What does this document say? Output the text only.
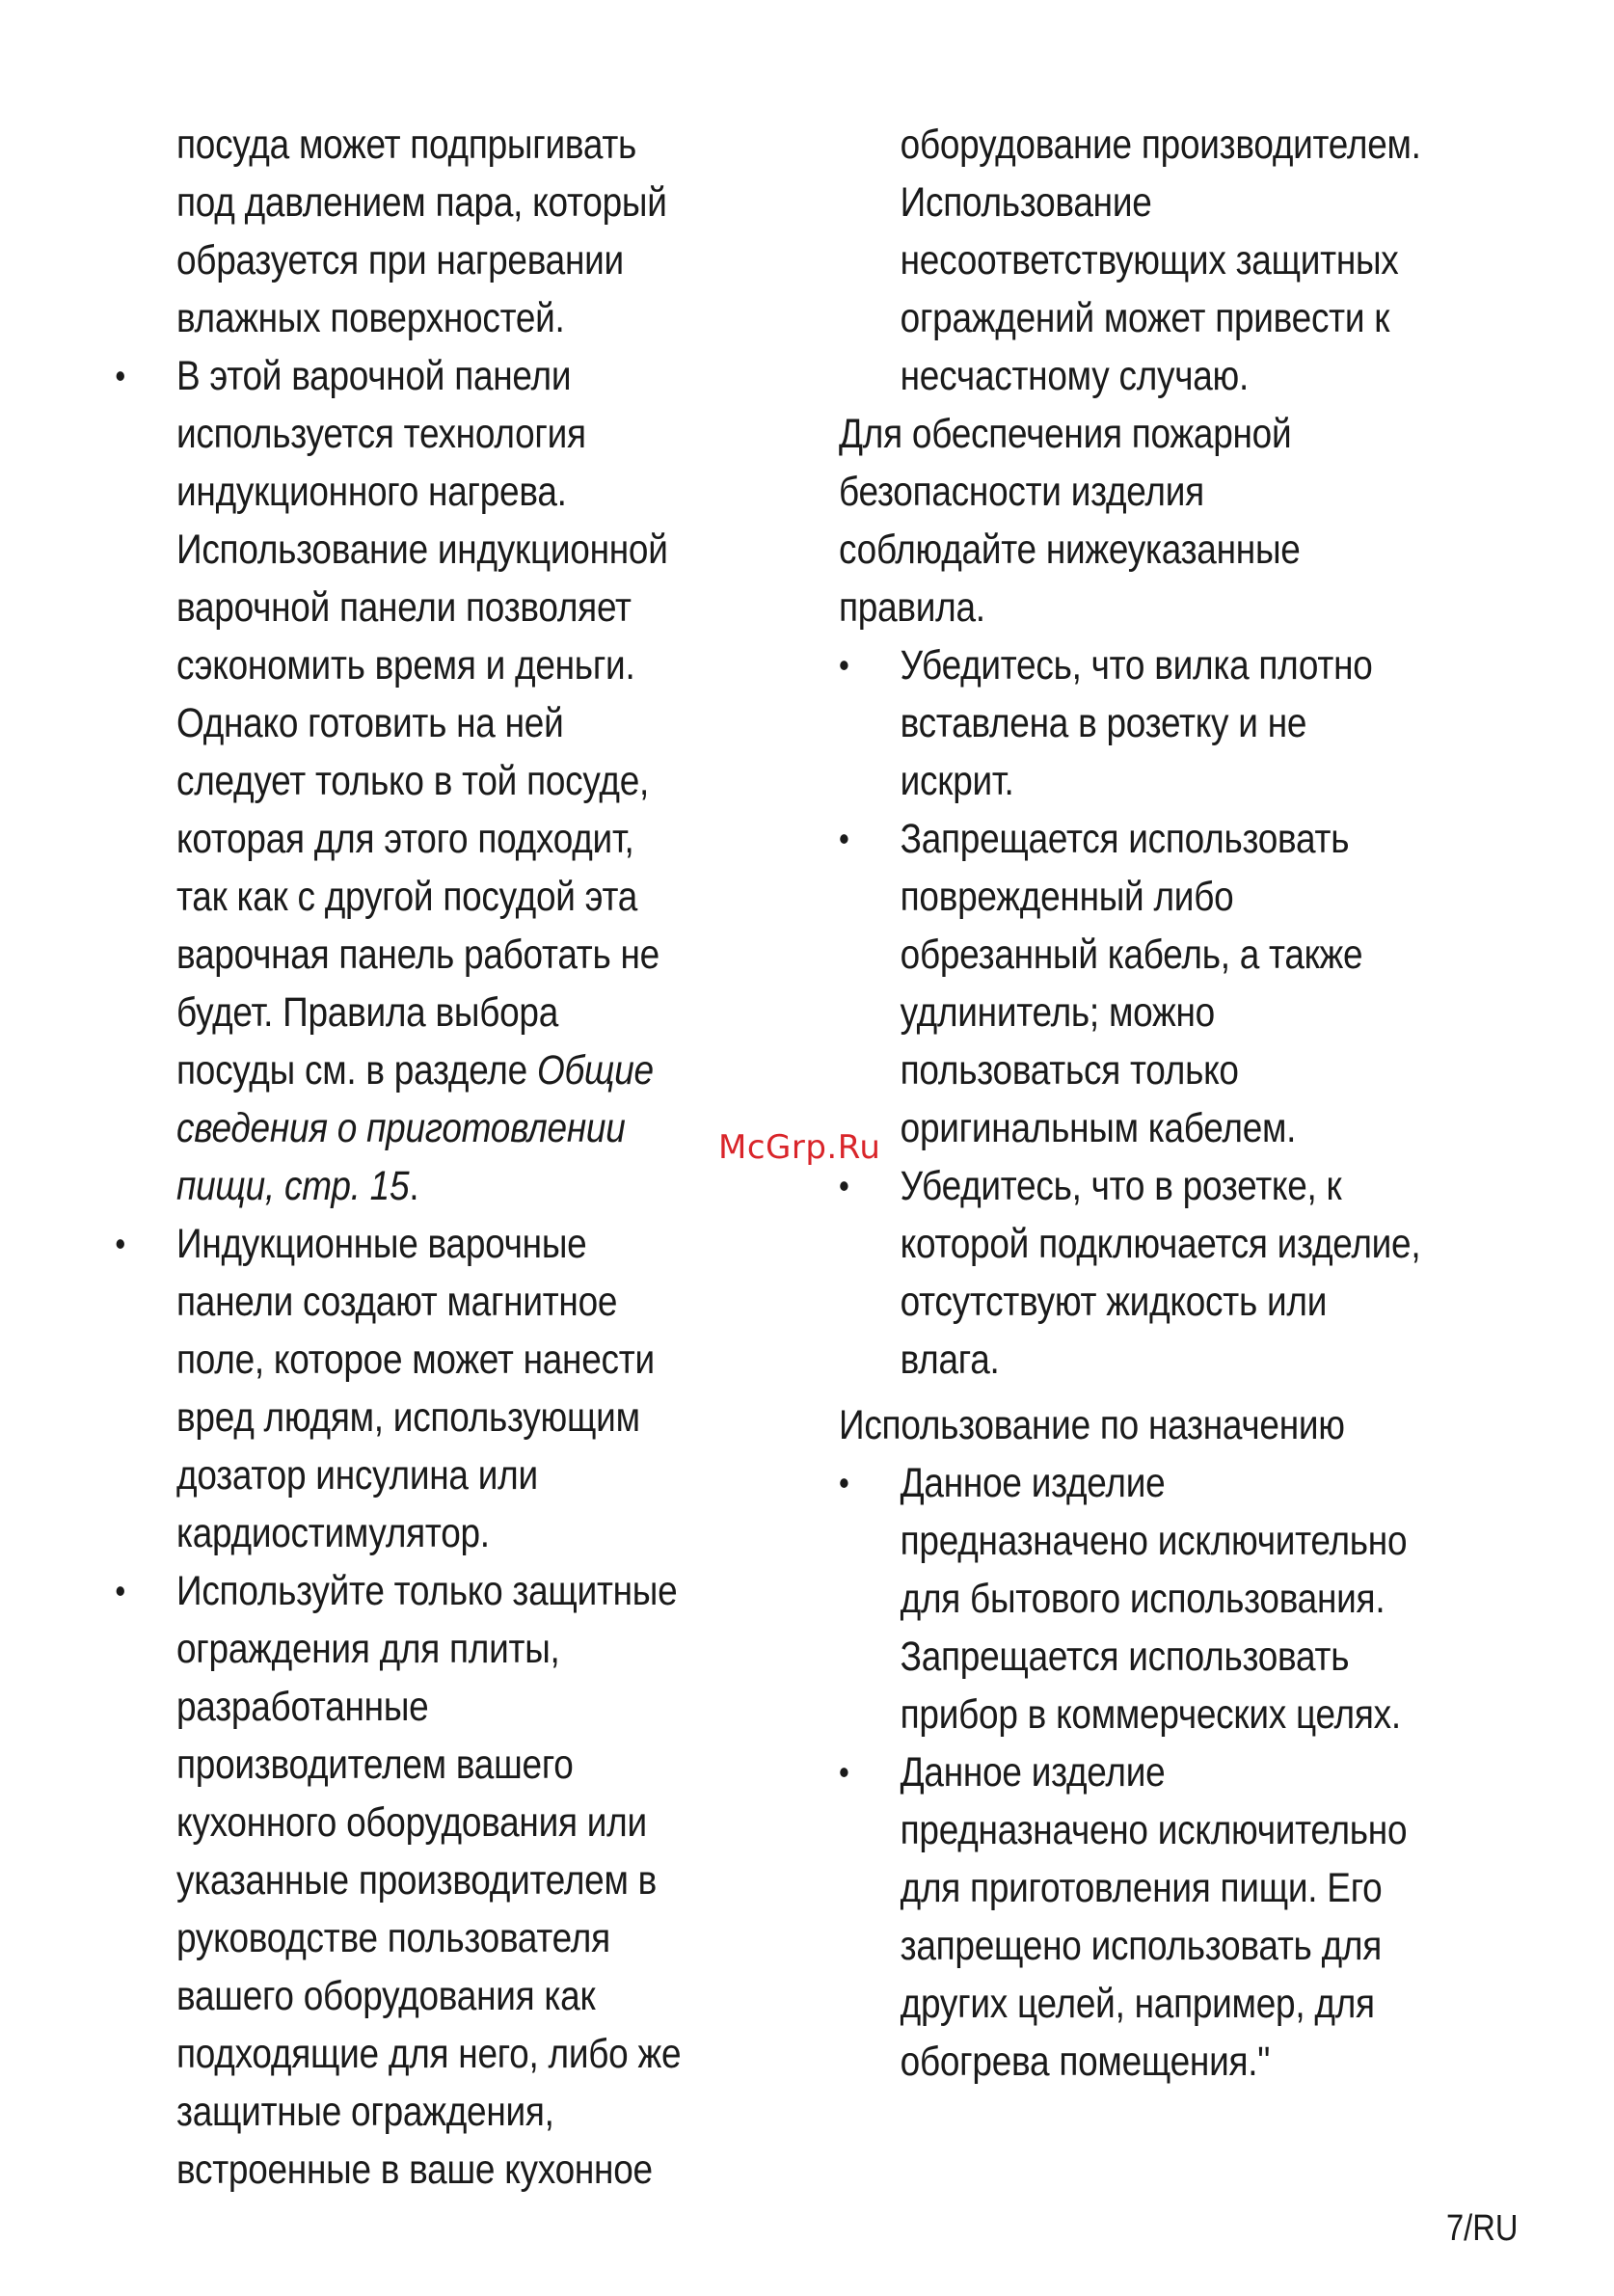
посуда может подпрыгивать
под давлением пара, который
образуется при нагревании
влажных поверхностей.
• В этой варочной панели
используется технология
индукционного нагрева.
Использование индукционной
варочной панели позволяет
сэкономить время и деньги.
Однако готовить на ней
следует только в той посуде,
которая для этого подходит,
так как с другой посудой эта
варочная панель работать не
будет. Правила выбора
посуды см. в разделе Общие
сведения о приготовлении
пищи, стр. 15.
• Индукционные варочные
панели создают магнитное
поле, которое может нанести
вред людям, использующим
дозатор инсулина или
кардиостимулятор.
• Используйте только защитные
ограждения для плиты,
разработанные
производителем вашего
кухонного оборудования или
указанные производителем в
руководстве пользователя
вашего оборудования как
подходящие для него, либо же
защитные ограждения,
встроенные в ваше кухонное
оборудование производителем.
Использование
несоответствующих защитных
ограждений может привести к
несчастному случаю.
Для обеспечения пожарной
безопасности изделия
соблюдайте нижеуказанные
правила.
• Убедитесь, что вилка плотно
вставлена в розетку и не
искрит.
• Запрещается использовать
поврежденный либо
обрезанный кабель, а также
удлинитель; можно
пользоваться только
оригинальным кабелем.
• Убедитесь, что в розетке, к
которой подключается изделие,
отсутствуют жидкость или
влага.
Использование по назначению
• Данное изделие
предназначено исключительно
для бытового использования.
Запрещается использовать
прибор в коммерческих целях.
• Данное изделие
предназначено исключительно
для приготовления пищи. Его
запрещено использовать для
других целей, например, для
обогрева помещения."
McGrp.Ru
7/RU
